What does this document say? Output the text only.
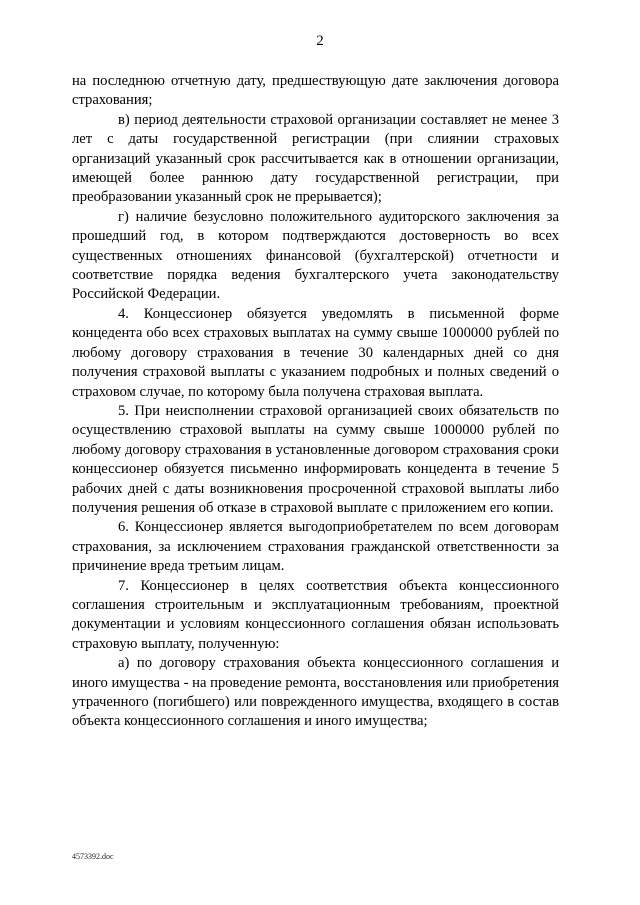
2

на последнюю отчетную дату, предшествующую дате заключения договора страхования;

в) период деятельности страховой организации составляет не менее 3 лет с даты государственной регистрации (при слиянии страховых организаций указанный срок рассчитывается как в отношении организации, имеющей более раннюю дату государственной регистрации, при преобразовании указанный срок не прерывается);

г) наличие безусловно положительного аудиторского заключения за прошедший год, в котором подтверждаются достоверность во всех существенных отношениях финансовой (бухгалтерской) отчетности и соответствие порядка ведения бухгалтерского учета законодательству Российской Федерации.

4. Концессионер обязуется уведомлять в письменной форме концедента обо всех страховых выплатах на сумму свыше 1000000 рублей по любому договору страхования в течение 30 календарных дней со дня получения страховой выплаты с указанием подробных и полных сведений о страховом случае, по которому была получена страховая выплата.

5. При неисполнении страховой организацией своих обязательств по осуществлению страховой выплаты на сумму свыше 1000000 рублей по любому договору страхования в установленные договором страхования сроки концессионер обязуется письменно информировать концедента в течение 5 рабочих дней с даты возникновения просроченной страховой выплаты либо получения решения об отказе в страховой выплате с приложением его копии.

6. Концессионер является выгодоприобретателем по всем договорам страхования, за исключением страхования гражданской ответственности за причинение вреда третьим лицам.

7. Концессионер в целях соответствия объекта концессионного соглашения строительным и эксплуатационным требованиям, проектной документации и условиям концессионного соглашения обязан использовать страховую выплату, полученную:

а) по договору страхования объекта концессионного соглашения и иного имущества - на проведение ремонта, восстановления или приобретения утраченного (погибшего) или поврежденного имущества, входящего в состав объекта концессионного соглашения и иного имущества;

4573392.doc
